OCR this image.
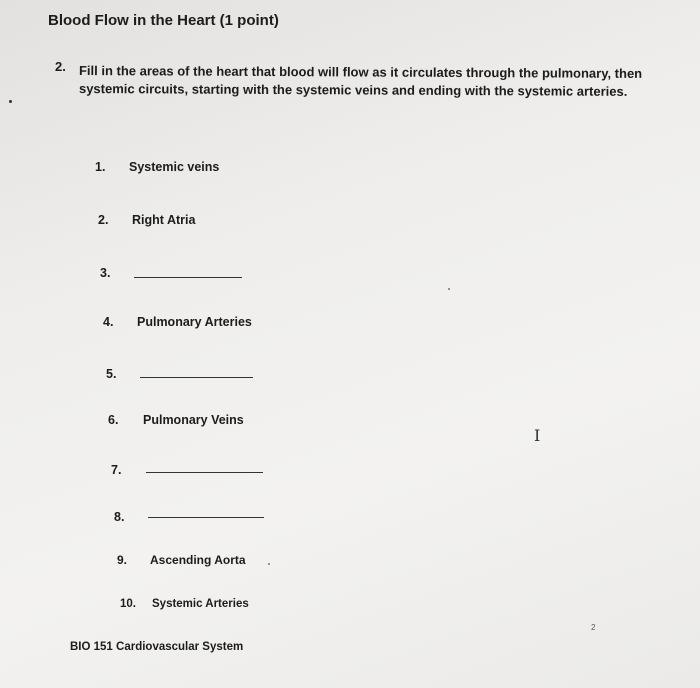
Blood Flow in the Heart (1 point)
2. Fill in the areas of the heart that blood will flow as it circulates through the pulmonary, then
systemic circuits, starting with the systemic veins and ending with the systemic arteries.
1. Systemic veins
2. Right Atria
3.
4. Pulmonary Arteries
5.
6. Pulmonary Veins
7.
8.
9. Ascending Aorta
10. Systemic Arteries
I
BIO 151 Cardiovascular System
2
